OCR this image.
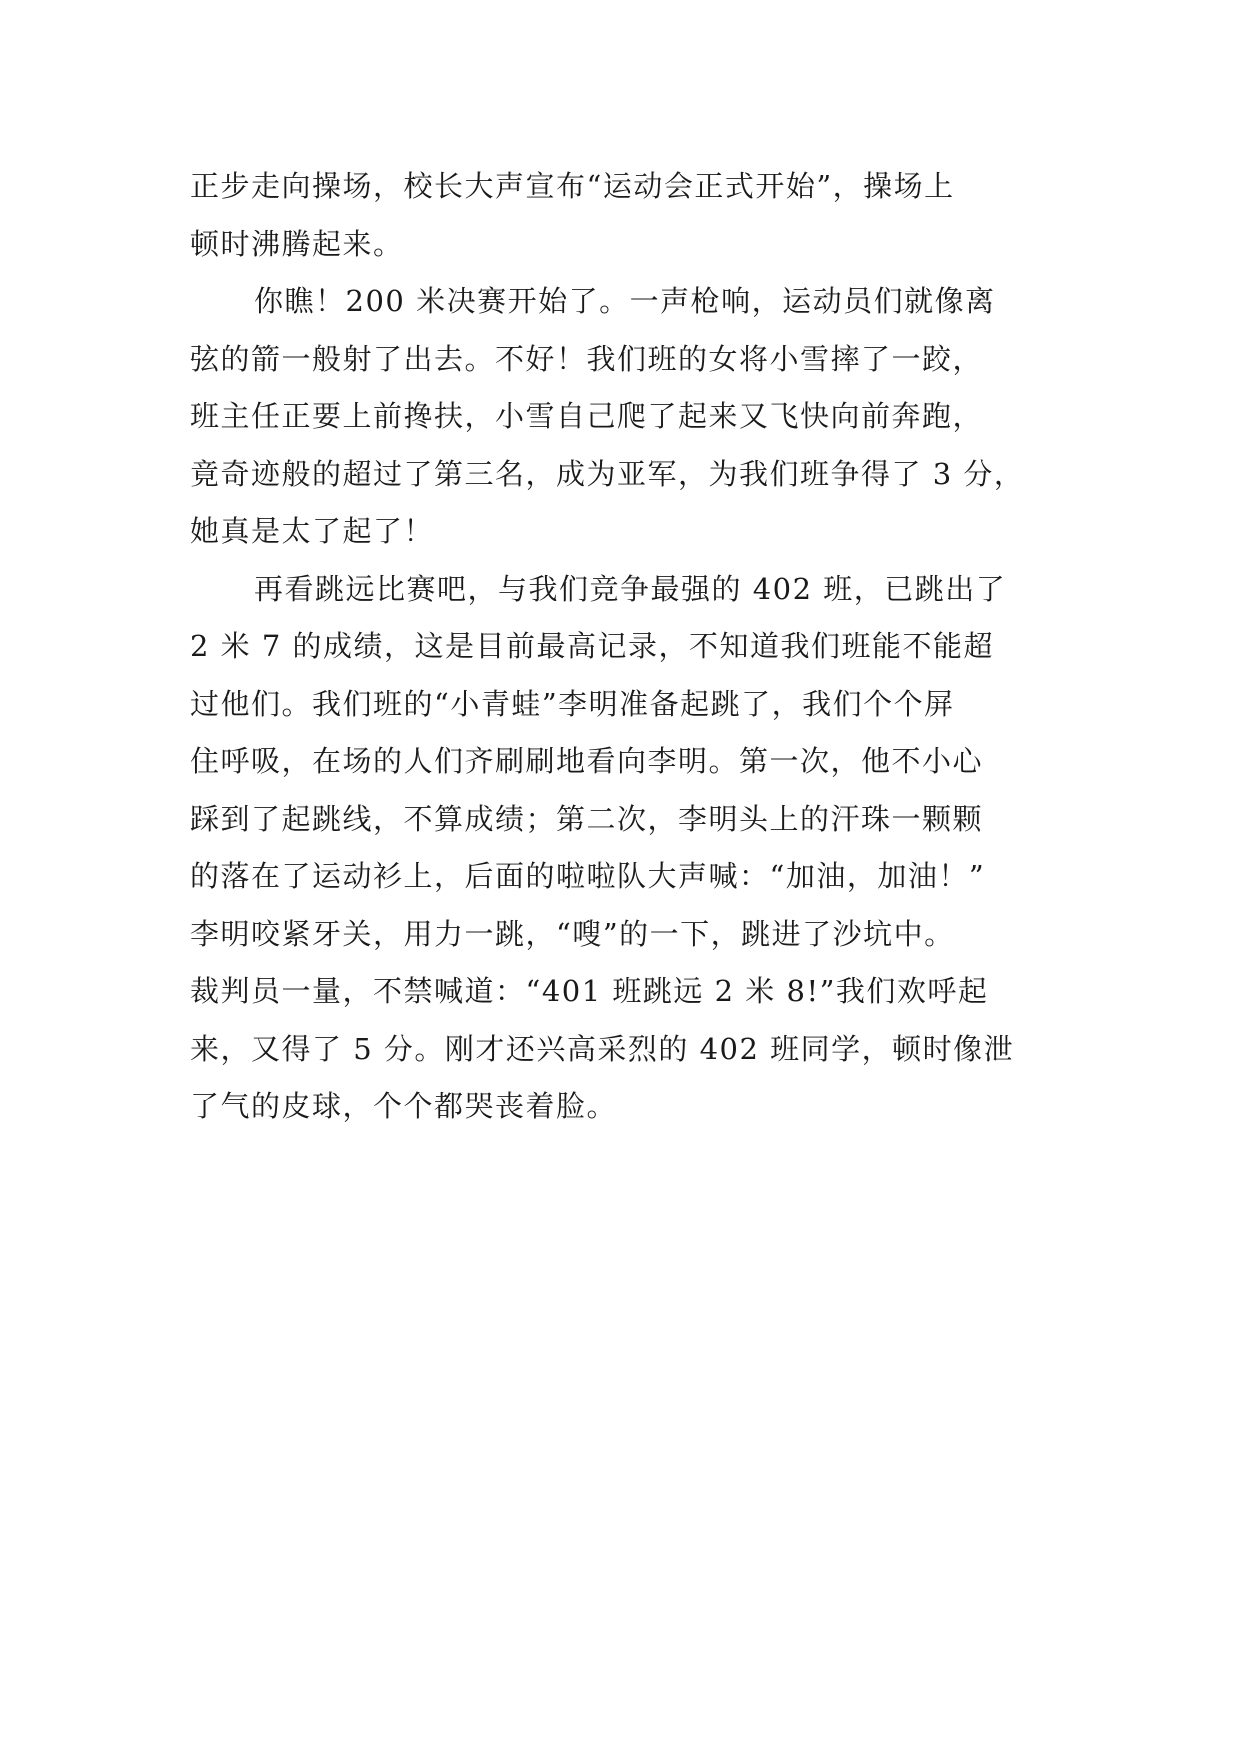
正步走向操场，校长大声宣布“运动会正式开始”，操场上
顿时沸腾起来。
你瞧！200 米决赛开始了。一声枪响，运动员们就像离
弦的箭一般射了出去。不好！我们班的女将小雪摔了一跤，
班主任正要上前搀扶，小雪自己爬了起来又飞快向前奔跑，
竟奇迹般的超过了第三名，成为亚军，为我们班争得了 3 分，
她真是太了起了！
再看跳远比赛吧，与我们竞争最强的 402 班，已跳出了
2 米 7 的成绩，这是目前最高记录，不知道我们班能不能超
过他们。我们班的“小青蛙”李明准备起跳了，我们个个屏
住呼吸，在场的人们齐刷刷地看向李明。第一次，他不小心
踩到了起跳线，不算成绩；第二次，李明头上的汗珠一颗颗
的落在了运动衫上，后面的啦啦队大声喊：“加油，加油！”
李明咬紧牙关，用力一跳，“嗖”的一下，跳进了沙坑中。
裁判员一量，不禁喊道：“401 班跳远 2 米 8!”我们欢呼起
来，又得了 5 分。刚才还兴高采烈的 402 班同学，顿时像泄
了气的皮球，个个都哭丧着脸。
